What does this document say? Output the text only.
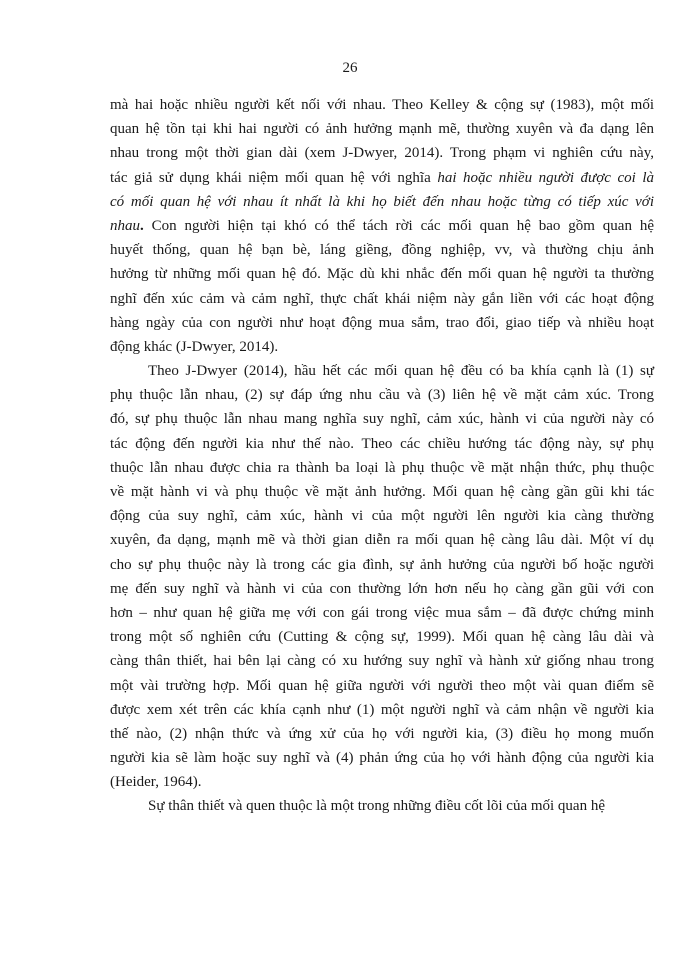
26
mà hai hoặc nhiều người kết nối với nhau. Theo Kelley & cộng sự (1983), một mối
quan hệ tồn tại khi hai người có ảnh hưởng mạnh mẽ, thường xuyên và đa dạng lên
nhau trong một thời gian dài (xem J-Dwyer, 2014). Trong phạm vi nghiên cứu này,
tác giả sử dụng khái niệm mối quan hệ với nghĩa hai hoặc nhiều người được coi là
có mối quan hệ với nhau ít nhất là khi họ biết đến nhau hoặc từng có tiếp xúc với
nhau. Con người hiện tại khó có thể tách rời các mối quan hệ bao gồm quan hệ
huyết thống, quan hệ bạn bè, láng giềng, đồng nghiệp, vv, và thường chịu ảnh
hưởng từ những mối quan hệ đó. Mặc dù khi nhắc đến mối quan hệ người ta thường
nghĩ đến xúc cảm và cảm nghĩ, thực chất khái niệm này gắn liền với các hoạt động
hàng ngày của con người như hoạt động mua sắm, trao đổi, giao tiếp và nhiều hoạt
động khác (J-Dwyer, 2014).
Theo J-Dwyer (2014), hầu hết các mối quan hệ đều có ba khía cạnh là (1) sự
phụ thuộc lẫn nhau, (2) sự đáp ứng nhu cầu và (3) liên hệ về mặt cảm xúc. Trong
đó, sự phụ thuộc lẫn nhau mang nghĩa suy nghĩ, cảm xúc, hành vi của người này có
tác động đến người kia như thế nào. Theo các chiều hướng tác động này, sự phụ
thuộc lẫn nhau được chia ra thành ba loại là phụ thuộc về mặt nhận thức, phụ thuộc
về mặt hành vi và phụ thuộc về mặt ảnh hưởng. Mối quan hệ càng gần gũi khi tác
động của suy nghĩ, cảm xúc, hành vi của một người lên người kia càng thường
xuyên, đa dạng, mạnh mẽ và thời gian diễn ra mối quan hệ càng lâu dài. Một ví dụ
cho sự phụ thuộc này là trong các gia đình, sự ảnh hưởng của người bố hoặc người
mẹ đến suy nghĩ và hành vi của con thường lớn hơn nếu họ càng gần gũi với con
hơn – như quan hệ giữa mẹ với con gái trong việc mua sắm – đã được chứng minh
trong một số nghiên cứu (Cutting & cộng sự, 1999). Mối quan hệ càng lâu dài và
càng thân thiết, hai bên lại càng có xu hướng suy nghĩ và hành xử giống nhau trong
một vài trường hợp. Mối quan hệ giữa người với người theo một vài quan điểm sẽ
được xem xét trên các khía cạnh như (1) một người nghĩ và cảm nhận về người kia
thế nào, (2) nhận thức và ứng xử của họ với người kia, (3) điều họ mong muốn
người kia sẽ làm hoặc suy nghĩ và (4) phản ứng của họ với hành động của người kia
(Heider, 1964).
Sự thân thiết và quen thuộc là một trong những điều cốt lõi của mối quan hệ
